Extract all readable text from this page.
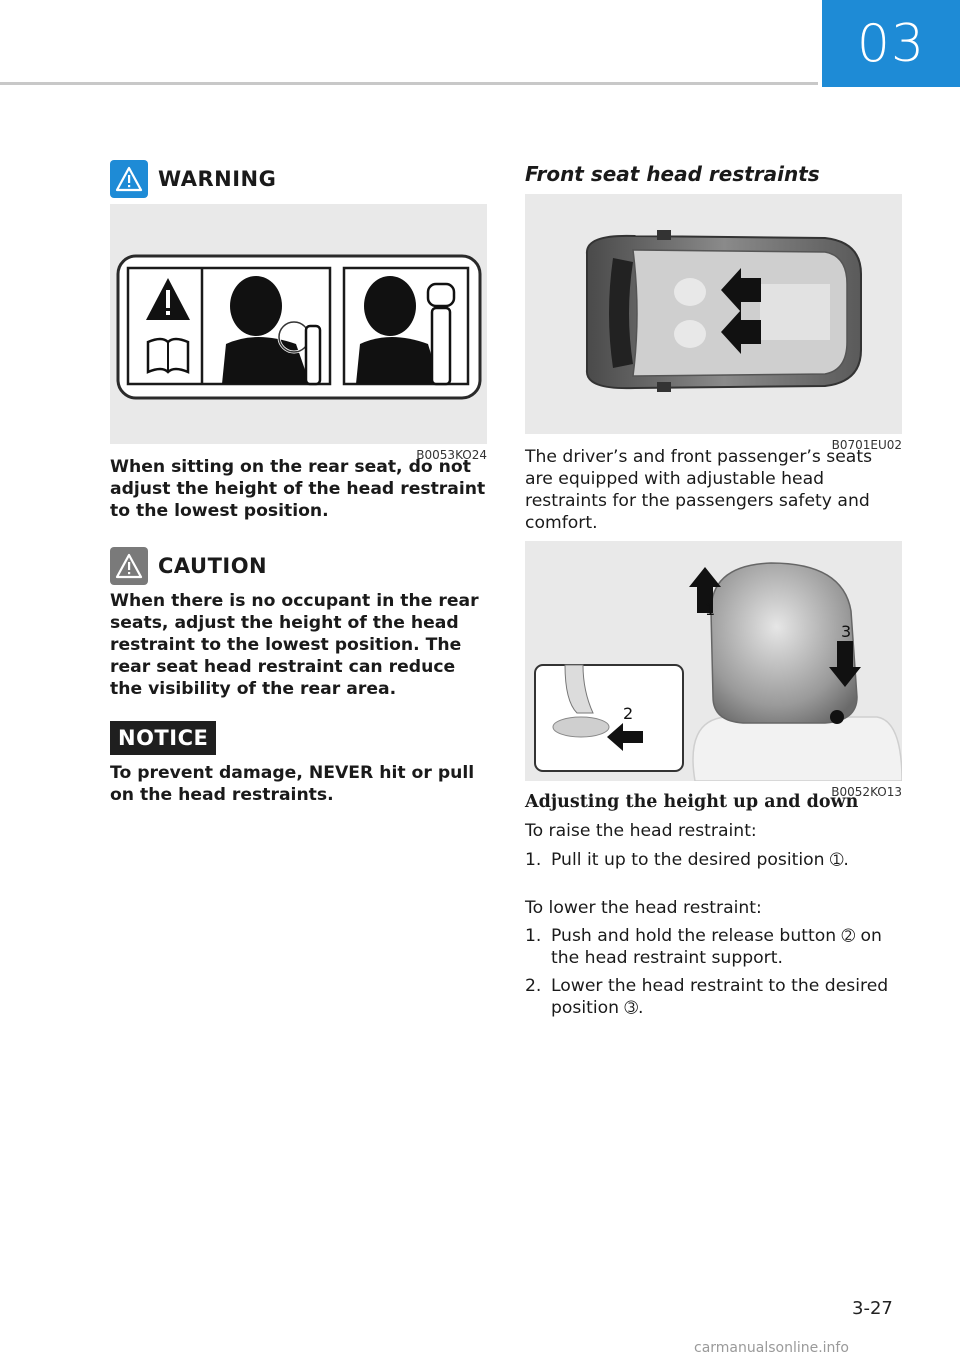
03
WARNING
B0053KO24
When sitting on the rear seat, do not adjust the height of the head restraint to the lowest position.
CAUTION
When there is no occupant in the rear seats, adjust the height of the head restraint to the lowest position. The rear seat head restraint can reduce the visibility of the rear area.
NOTICE
To prevent damage, NEVER hit or pull on the head restraints.
Front seat head restraints
B0701EU02
The driver’s and front passenger’s seats are equipped with adjustable head restraints for the passengers safety and comfort.
1
2
3
B0052KO13
Adjusting the height up and down
To raise the head restraint:
1. Pull it up to the desired position ➀.
To lower the head restraint:
1. Push and hold the release button ➁ on the head restraint support.
2. Lower the head restraint to the desired position ➂.
3-27
carmanualsonline.info
